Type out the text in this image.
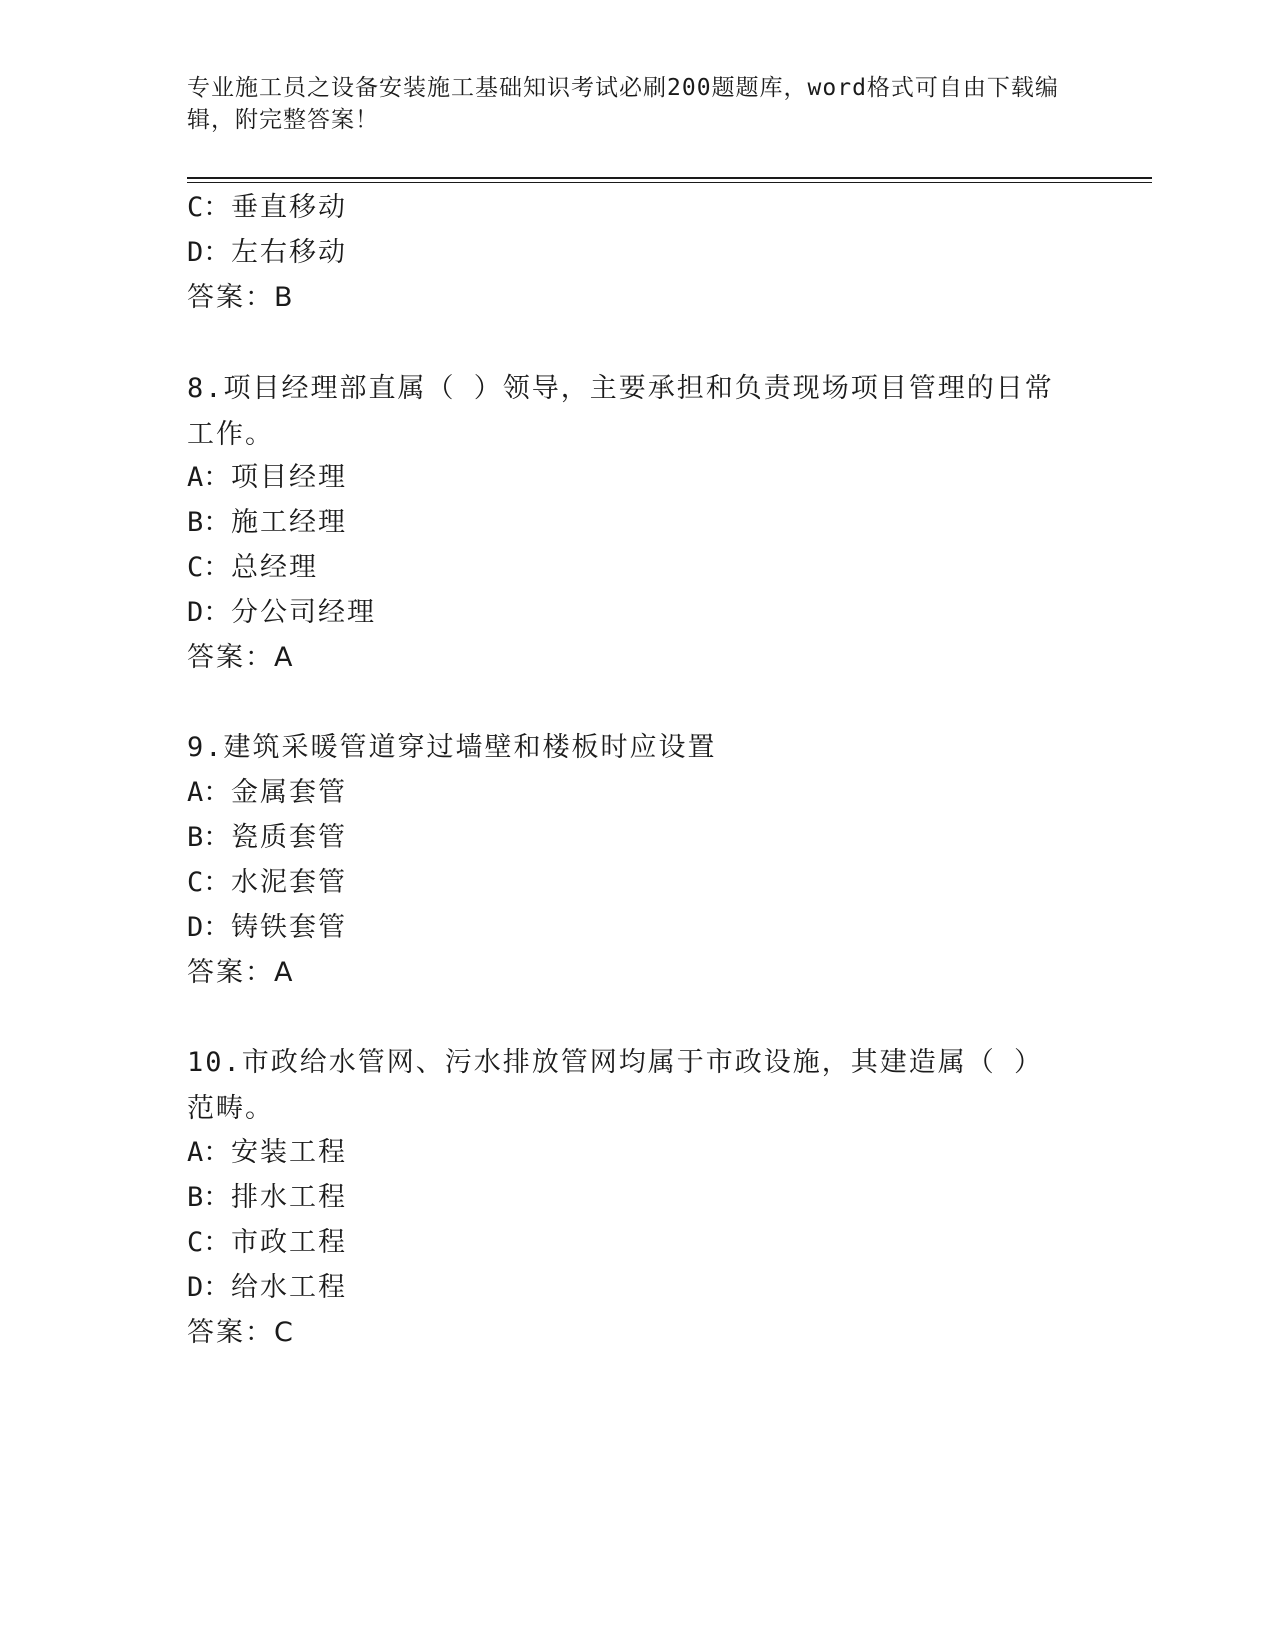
专业施工员之设备安装施工基础知识考试必刷200题题库，word格式可自由下载编辑，附完整答案！
C：垂直移动
D：左右移动
答案：B
8.项目经理部直属（ ）领导，主要承担和负责现场项目管理的日常工作。
A：项目经理
B：施工经理
C：总经理
D：分公司经理
答案：A
9.建筑采暖管道穿过墙壁和楼板时应设置
A：金属套管
B：瓷质套管
C：水泥套管
D：铸铁套管
答案：A
10.市政给水管网、污水排放管网均属于市政设施，其建造属（ ）范畴。
A：安装工程
B：排水工程
C：市政工程
D：给水工程
答案：C
